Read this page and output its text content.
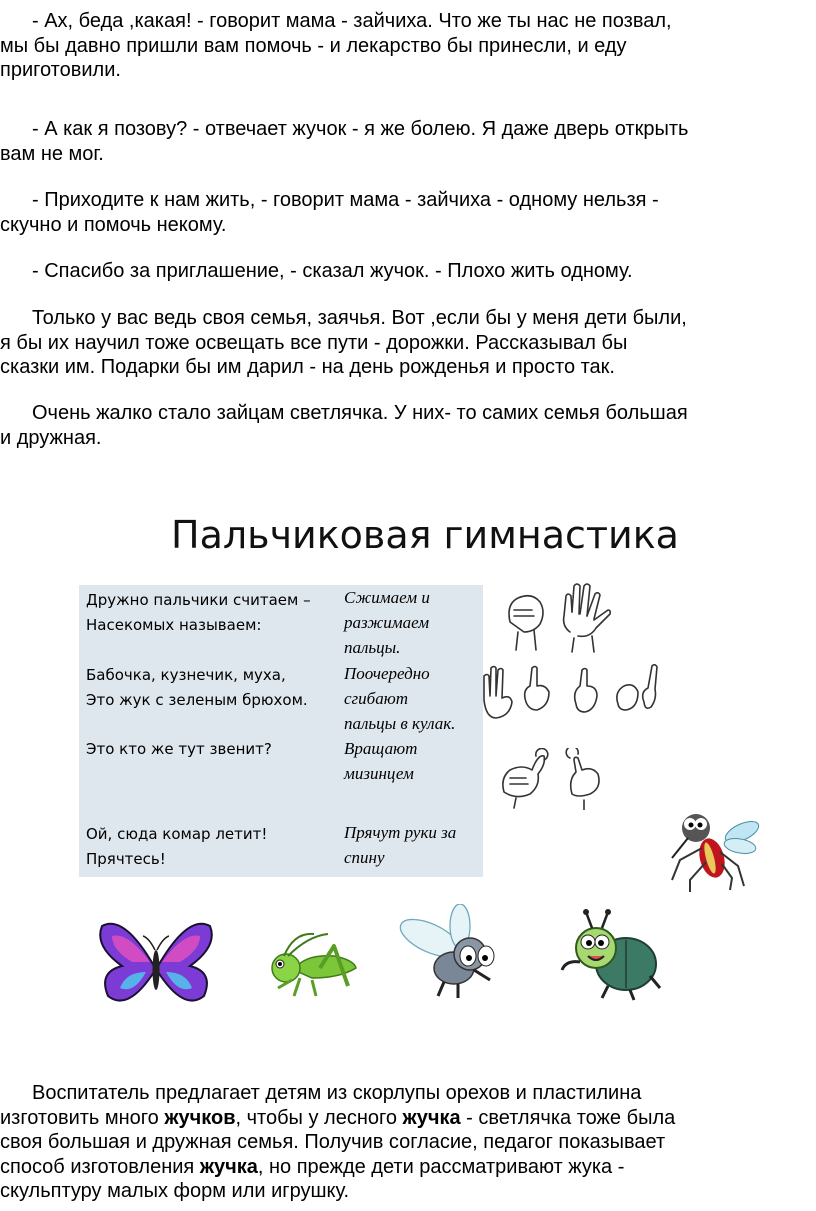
- Ах, беда ,какая! - говорит мама - зайчиха. Что же ты нас не позвал,
мы бы давно пришли вам помочь - и лекарство бы принесли, и еду
приготовили.

- А как я позову? - отвечает жучок - я же болею. Я даже дверь открыть
вам не мог.

- Приходите к нам жить, - говорит мама - зайчиха - одному нельзя -
скучно и помочь некому.

- Спасибо за приглашение, - сказал жучок. - Плохо жить одному.

Только у вас ведь своя семья, заячья. Вот ,если бы у меня дети были,
я бы их научил тоже освещать все пути - дорожки. Рассказывал бы
сказки им. Подарки бы им дарил - на день рожденья и просто так.

Очень жалко стало зайцам светлячка. У них- то самих семья большая
и дружная.

Пальчиковая гимнастика
Дружно пальчики считаем –
Насекомых называем:
Сжимаем и
разжимаем
пальцы.
Бабочка, кузнечик, муха,
Это жук с зеленым брюхом.
Поочередно
сгибают
пальцы в кулак.
Это кто же тут звенит?	Вращают
мизинцем
Ой, сюда комар летит!
Прячтесь!
Прячут руки за
спину

Воспитатель предлагает детям из скорлупы орехов и пластилина
изготовить много жучков, чтобы у лесного жучка - светлячка тоже была
своя большая и дружная семья. Получив согласие, педагог показывает
способ изготовления жучка, но прежде дети рассматривают жука -
скульптуру малых форм или игрушку.
